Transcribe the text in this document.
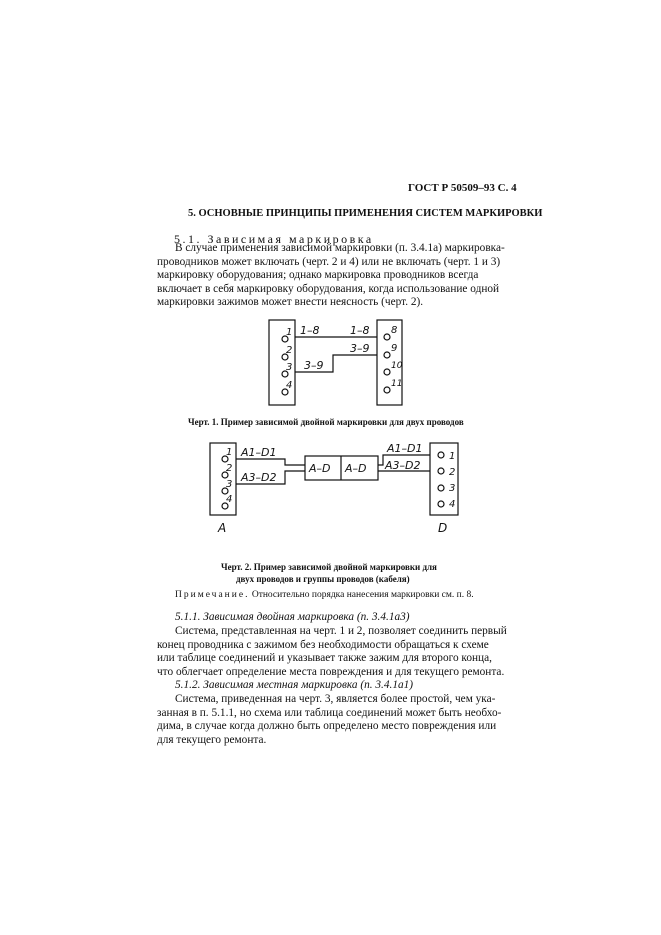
ГОСТ Р 50509–93 С. 4
5. ОСНОВНЫЕ ПРИНЦИПЫ ПРИМЕНЕНИЯ СИСТЕМ МАРКИРОВКИ
5.1. Зависимая маркировка

В случае применения зависимой маркировки (п. 3.4.1а) маркировка-

проводников может включать (черт. 2 и 4) или не включать (черт. 1 и 3)

маркировку оборудования; однако маркировка проводников всегда

включает в себя маркировку оборудования, когда использование одной

маркировки зажимов может внести неясность (черт. 2).

1
2
3
4
8
9
10
11
1–8	1–8
3–9
3–9
Черт. 1. Пример зависимой двойной маркировки для двух проводов
1
2
3
4
1
2
3
4
A1–D1
A3–D2
A1–D1
A3–D2
A–D A–D
A	D
Черт. 2. Пример зависимой двойной маркировки для
двух проводов и группы проводов (кабеля)
Примечание. Относительно порядка нанесения маркировки см. п. 8.
5.1.1. Зависимая двойная маркировка (п. 3.4.1а3)

Система, представленная на черт. 1 и 2, позволяет соединить первый

конец проводника с зажимом без необходимости обращаться к схеме

или таблице соединений и указывает также зажим для второго конца,

что облегчает определение места повреждения и для текущего ремонта.

5.1.2. Зависимая местная маркировка (п. 3.4.1а1)

Система, приведенная на черт. 3, является более простой, чем ука-

занная в п. 5.1.1, но схема или таблица соединений может быть необхо-

дима, в случае когда должно быть определено место повреждения или

для текущего ремонта.
